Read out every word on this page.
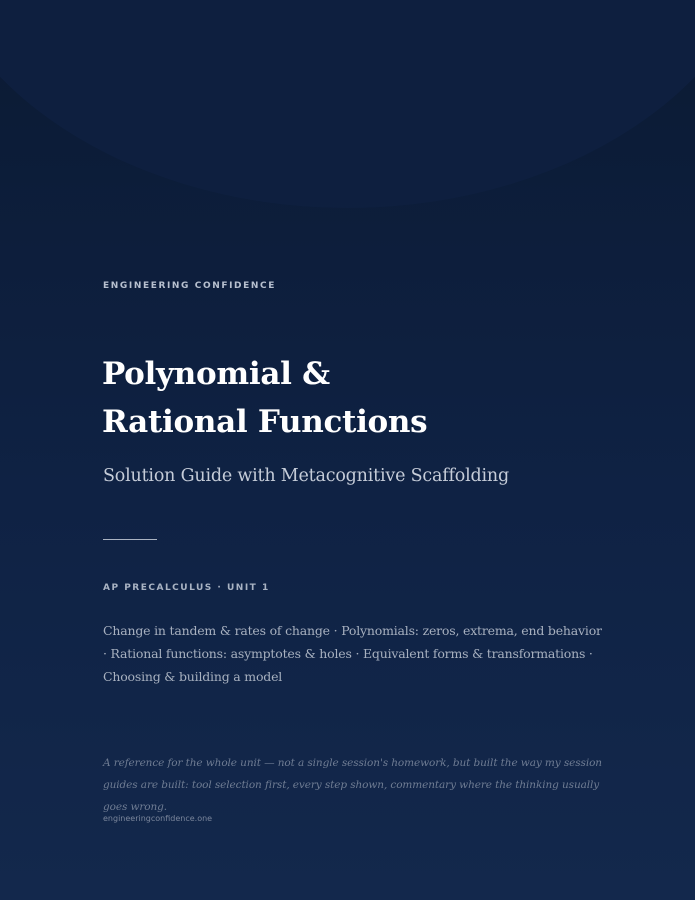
ENGINEERING CONFIDENCE
Polynomial &
Rational Functions
Solution Guide with Metacognitive Scaffolding
AP PRECALCULUS · UNIT 1
Change in tandem & rates of change · Polynomials: zeros, extrema, end behavior · Rational functions: asymptotes & holes · Equivalent forms & transformations · Choosing & building a model
A reference for the whole unit — not a single session's homework, but built the way my session guides are built: tool selection first, every step shown, commentary where the thinking usually goes wrong.
engineeringconfidence.one
